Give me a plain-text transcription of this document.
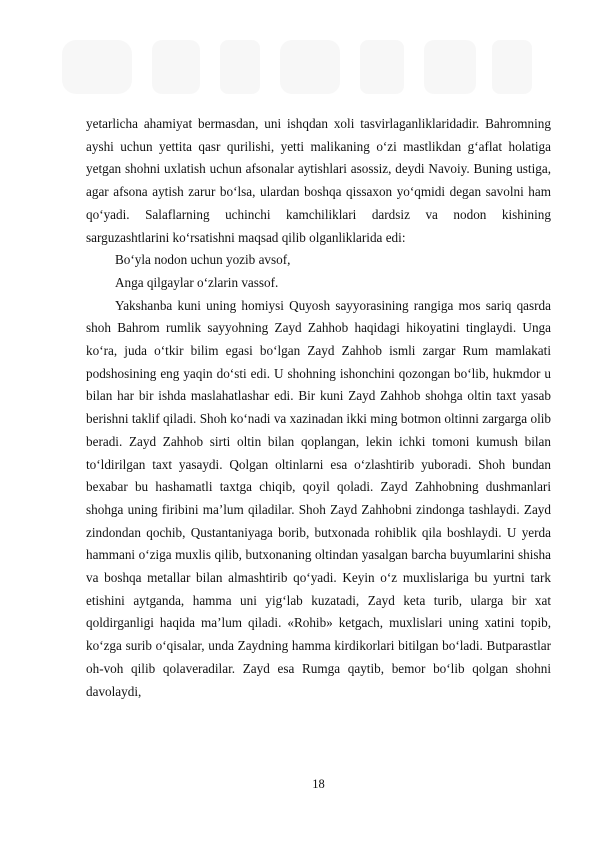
yetarlicha ahamiyat bermasdan, uni ishqdan xoli tasvirlaganliklaridadir. Bahromning ayshi uchun yettita qasr qurilishi, yetti malikaning o‘zi mastlikdan g‘aflat holatiga yetgan shohni uxlatish uchun afsonalar aytishlari asossiz, deydi Navoiy. Buning ustiga, agar afsona aytish zarur bo‘lsa, ulardan boshqa qissaxon yo‘qmidi degan savolni ham qo‘yadi. Salaflarning uchinchi kamchiliklari dardsiz va nodon kishining sarguzashtlarini ko‘rsatishni maqsad qilib olganliklarida edi:

Bo‘yla nodon uchun yozib avsof,

Anga qilgaylar o‘zlarin vassof.

Yakshanba kuni uning homiysi Quyosh sayyorasining rangiga mos sariq qasrda shoh Bahrom rumlik sayyohning Zayd Zahhob haqidagi hikoyatini tinglaydi. Unga ko‘ra, juda o‘tkir bilim egasi bo‘lgan Zayd Zahhob ismli zargar Rum mamlakati podshosining eng yaqin do‘sti edi. U shohning ishonchini qozongan bo‘lib, hukmdor u bilan har bir ishda maslahatlashar edi. Bir kuni Zayd Zahhob shohga oltin taxt yasab berishni taklif qiladi. Shoh ko‘nadi va xazinadan ikki ming botmon oltinni zargarga olib beradi. Zayd Zahhob sirti oltin bilan qoplangan, lekin ichki tomoni kumush bilan to‘ldirilgan taxt yasaydi. Qolgan oltinlarni esa o‘zlashtirib yuboradi. Shoh bundan bexabar bu hashamatli taxtga chiqib, qoyil qoladi. Zayd Zahhobning dushmanlari shohga uning firibini ma’lum qiladilar. Shoh Zayd Zahhobni zindonga tashlaydi. Zayd zindondan qochib, Qustantaniyaga borib, butxonada rohiblik qila boshlaydi. U yerda hammani o‘ziga muxlis qilib, butxonaning oltindan yasalgan barcha buyumlarini shisha va boshqa metallar bilan almashtirib qo‘yadi. Keyin o‘z muxlislariga bu yurtni tark etishini aytganda, hamma uni yig‘lab kuzatadi, Zayd keta turib, ularga bir xat qoldirganligi haqida ma’lum qiladi. «Rohib» ketgach, muxlislari uning xatini topib, ko‘zga surib o‘qisalar, unda Zaydning hamma kirdikorlari bitilgan bo‘ladi. Butparastlar oh-voh qilib qolaveradilar. Zayd esa Rumga qaytib, bemor bo‘lib qolgan shohni davolaydi,

18
